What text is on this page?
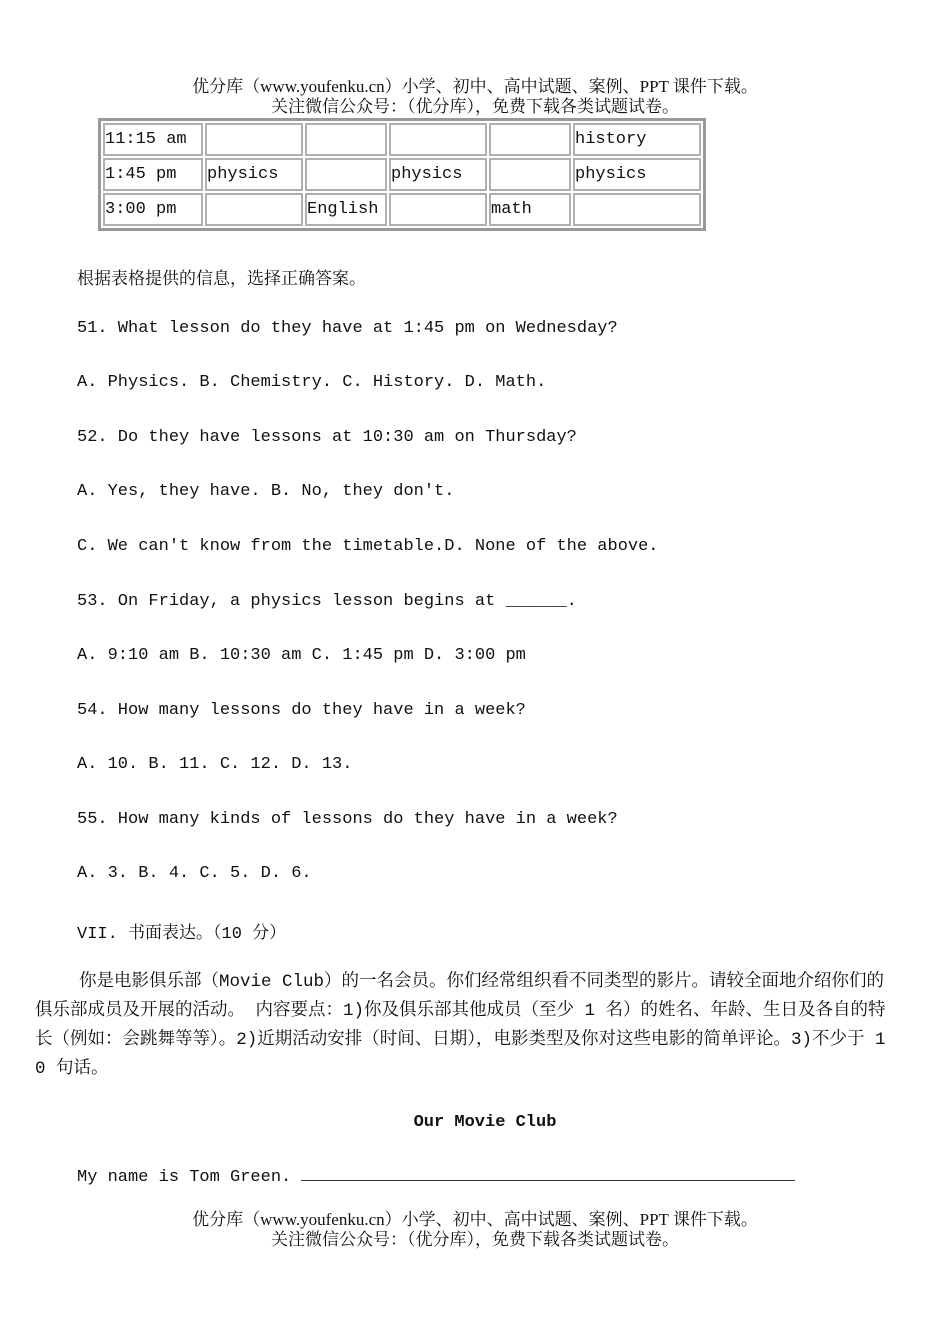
优分库（www.youfenku.cn）小学、初中、高中试题、案例、PPT 课件下载。
关注微信公众号：（优分库），免费下载各类试题试卷。
11:15 am					history
1:45 pm	physics		physics		physics
3:00 pm		English		math	
根据表格提供的信息，选择正确答案。
51. What lesson do they have at 1:45 pm on Wednesday?
A. Physics. B. Chemistry. C. History. D. Math.
52. Do they have lessons at 10:30 am on Thursday?
A. Yes, they have. B. No, they don't.
C. We can't know from the timetable.D. None of the above.
53. On Friday, a physics lesson begins at ______.
A. 9:10 am B. 10:30 am C. 1:45 pm D. 3:00 pm
54. How many lessons do they have in a week?
A. 10. B. 11. C. 12. D. 13.
55. How many kinds of lessons do they have in a week?
A. 3. B. 4. C. 5. D. 6.
VII. 书面表达。（10 分）
你是电影俱乐部（Movie Club）的一名会员。你们经常组织看不同类型的影片。请较全面地介绍你们的俱乐部成员及开展的活动。 内容要点：1)你及俱乐部其他成员（至少 1 名）的姓名、年龄、生日及各自的特长（例如：会跳舞等等）。2)近期活动安排（时间、日期），电影类型及你对这些电影的简单评论。3)不少于 1 0 句话。
Our Movie Club
My name is Tom Green.
优分库（www.youfenku.cn）小学、初中、高中试题、案例、PPT 课件下载。
关注微信公众号：（优分库），免费下载各类试题试卷。
